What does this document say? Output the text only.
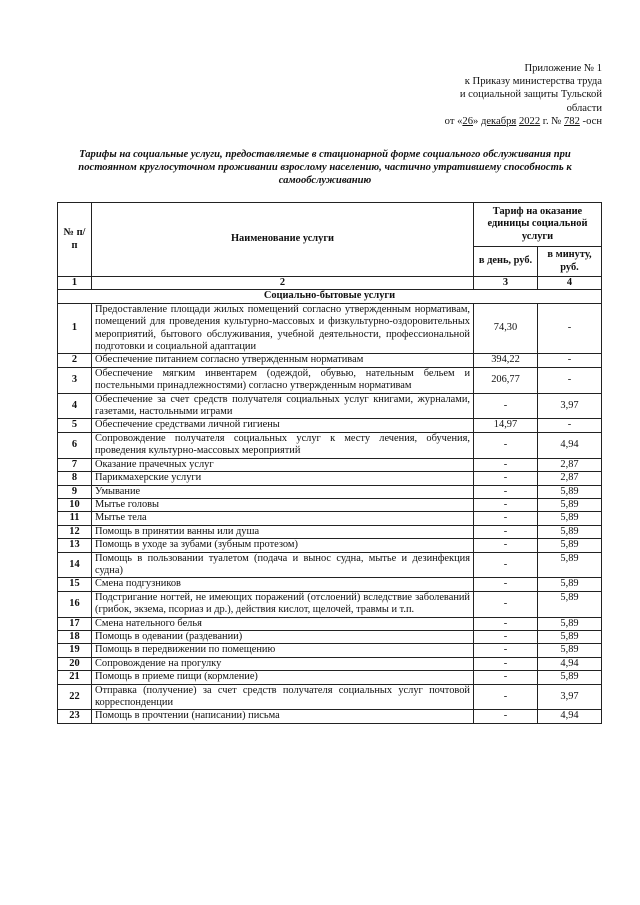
Приложение № 1
к Приказу министерства труда
и социальной защиты Тульской
области
от «26» декабря 2022 г. № 782 -осн
Тарифы на социальные услуги, предоставляемые в стационарной форме социального обслуживания при постоянном круглосуточном проживании взрослому населению, частично утратившему способность к самообслуживанию
№ п/п	Наименование услуги	Тариф на оказание единицы социальной услуги	
		в день, руб.	в минуту, руб.
1	2	3	4
Социально-бытовые услуги			
1	Предоставление площади жилых помещений согласно утвержденным нормативам, помещений для проведения культурно-массовых и физкультурно-оздоровительных мероприятий, бытового обслуживания, учебной деятельности, профессиональной подготовки и социальной адаптации	74,30	-
2	Обеспечение питанием согласно утвержденным нормативам	394,22	-
3	Обеспечение мягким инвентарем (одеждой, обувью, нательным бельем и постельными принадлежностями) согласно утвержденным нормативам	206,77	-
4	Обеспечение за счет средств получателя социальных услуг книгами, журналами, газетами, настольными играми	-	3,97
5	Обеспечение средствами личной гигиены	14,97	-
6	Сопровождение получателя социальных услуг к месту лечения, обучения, проведения культурно-массовых мероприятий	-	4,94
7	Оказание прачечных услуг	-	2,87
8	Парикмахерские услуги	-	2,87
9	Умывание	-	5,89
10	Мытье головы	-	5,89
11	Мытье тела	-	5,89
12	Помощь в принятии ванны или душа	-	5,89
13	Помощь в уходе за зубами (зубным протезом)	-	5,89
14	Помощь в пользовании туалетом (подача и вынос судна, мытье и дезинфекция судна)	-	5,89
15	Смена подгузников	-	5,89
16	Подстригание ногтей, не имеющих поражений (отслоений) вследствие заболеваний (грибок, экзема, псориаз и др.), действия кислот, щелочей, травмы и т.п.	-	5,89
17	Смена нательного белья	-	5,89
18	Помощь в одевании (раздевании)	-	5,89
19	Помощь в передвижении по помещению	-	5,89
20	Сопровождение на прогулку	-	4,94
21	Помощь в приеме пищи (кормление)	-	5,89
22	Отправка (получение) за счет средств получателя социальных услуг почтовой корреспонденции	-	3,97
23	Помощь в прочтении (написании) письма	-	4,94
